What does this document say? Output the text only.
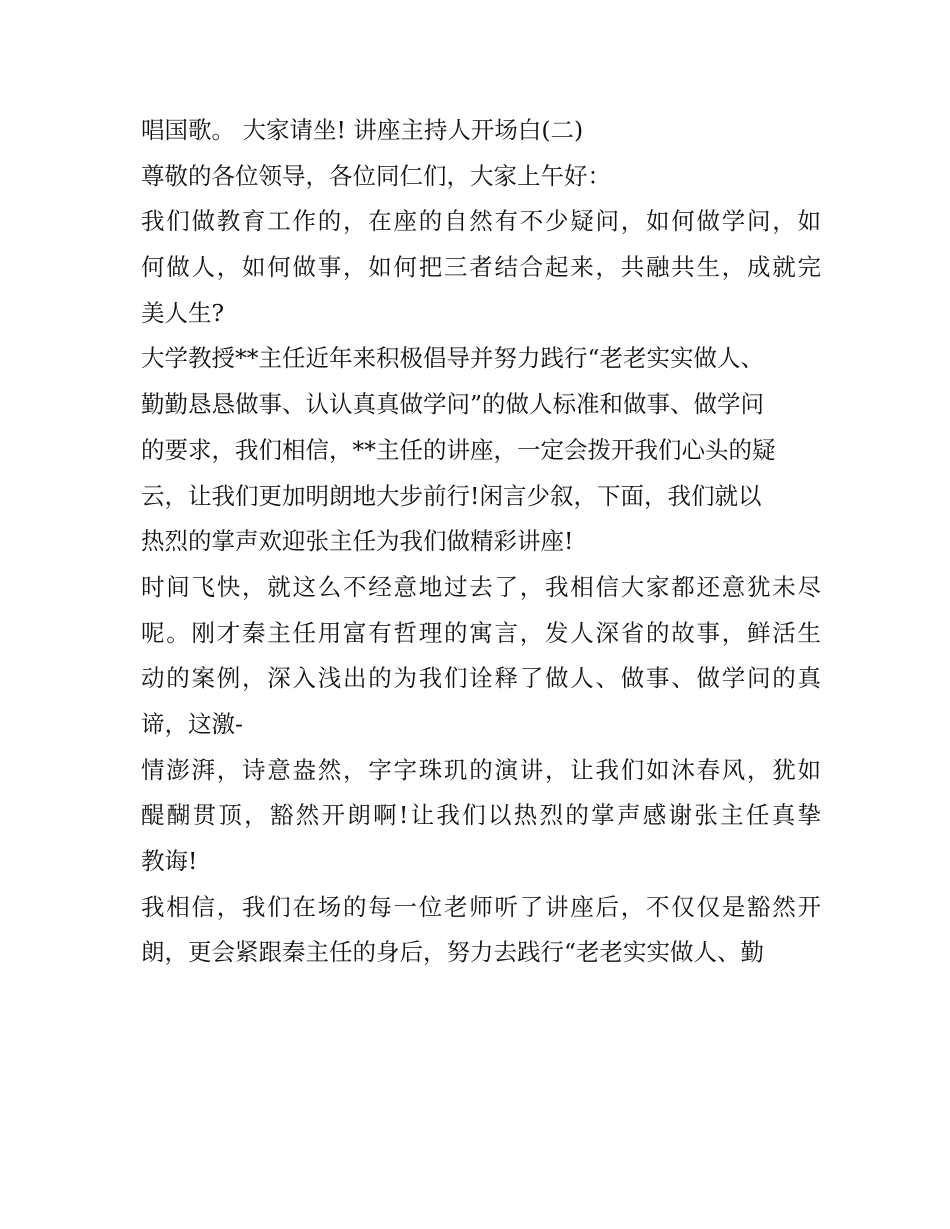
唱国歌。 大家请坐! 讲座主持人开场白(二)
尊敬的各位领导，各位同仁们，大家上午好：
我们做教育工作的，在座的自然有不少疑问，如何做学问，如
何做人，如何做事，如何把三者结合起来，共融共生，成就完
美人生?
大学教授**主任近年来积极倡导并努力践行“老老实实做人、
勤勤恳恳做事、认认真真做学问”的做人标准和做事、做学问
的要求，我们相信，**主任的讲座，一定会拨开我们心头的疑
云，让我们更加明朗地大步前行!闲言少叙，下面，我们就以
热烈的掌声欢迎张主任为我们做精彩讲座!
时间飞快，就这么不经意地过去了，我相信大家都还意犹未尽
呢。刚才秦主任用富有哲理的寓言，发人深省的故事，鲜活生
动的案例，深入浅出的为我们诠释了做人、做事、做学问的真
谛，这激-
情澎湃，诗意盎然，字字珠玑的演讲，让我们如沐春风，犹如
醍醐贯顶，豁然开朗啊!让我们以热烈的掌声感谢张主任真挚
教诲!
我相信，我们在场的每一位老师听了讲座后，不仅仅是豁然开
朗，更会紧跟秦主任的身后，努力去践行“老老实实做人、勤
